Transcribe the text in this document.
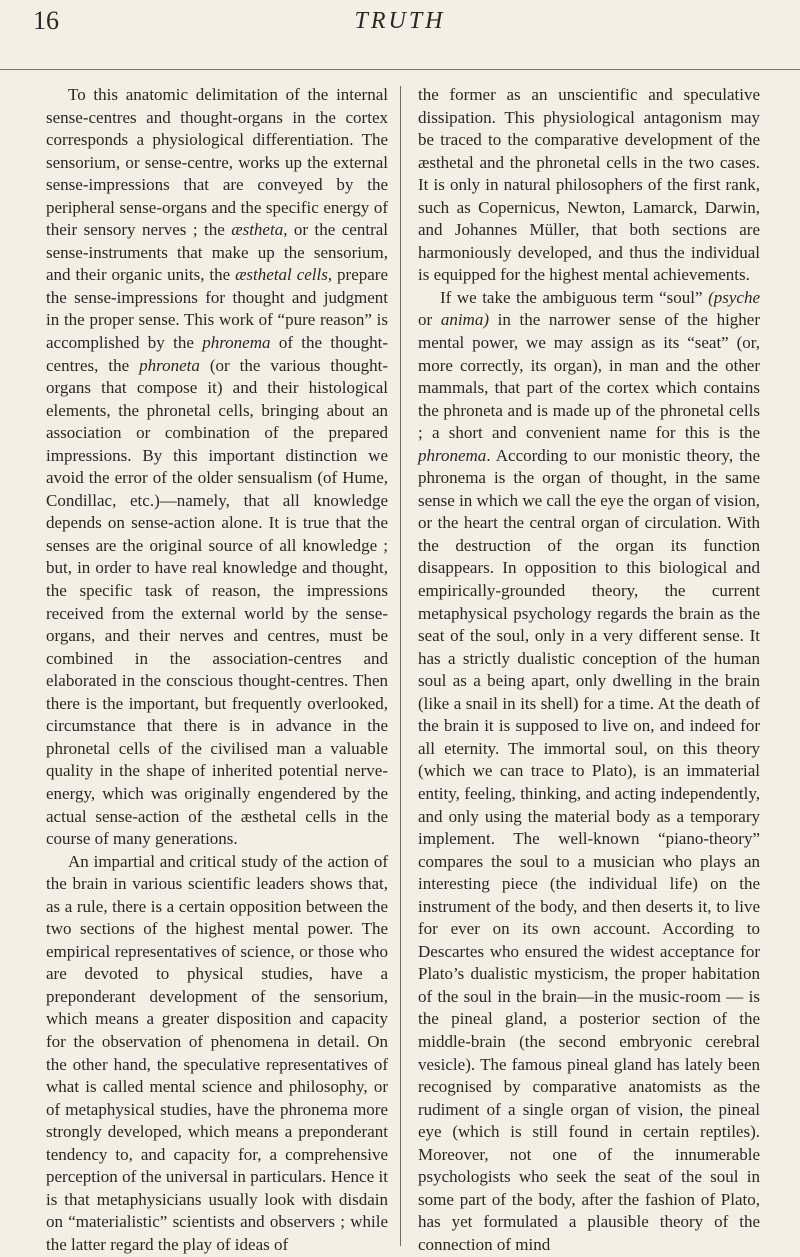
16	TRUTH

To this anatomic delimitation of the internal sense-centres and thought-organs in the cortex corresponds a physiological differentiation. The sensorium, or sense-centre, works up the external sense-impressions that are conveyed by the peripheral sense-organs and the specific energy of their sensory nerves ; the æstheta, or the central sense-instruments that make up the sensorium, and their organic units, the æsthetal cells, prepare the sense-impressions for thought and judgment in the proper sense. This work of “pure reason” is accomplished by the phronema of the thought-centres, the phroneta (or the various thought-organs that compose it) and their histological elements, the phronetal cells, bringing about an association or combination of the prepared impressions. By this important distinction we avoid the error of the older sensualism (of Hume, Condillac, etc.)—namely, that all knowledge depends on sense-action alone. It is true that the senses are the original source of all knowledge ; but, in order to have real knowledge and thought, the specific task of reason, the impressions received from the external world by the sense-organs, and their nerves and centres, must be combined in the association-centres and elaborated in the conscious thought-centres. Then there is the important, but frequently overlooked, circumstance that there is in advance in the phronetal cells of the civilised man a valuable quality in the shape of inherited potential nerve-energy, which was originally engendered by the actual sense-action of the æsthetal cells in the course of many generations.

An impartial and critical study of the action of the brain in various scientific leaders shows that, as a rule, there is a certain opposition between the two sections of the highest mental power. The empirical representatives of science, or those who are devoted to physical studies, have a preponderant development of the sensorium, which means a greater disposition and capacity for the observation of phenomena in detail. On the other hand, the speculative representatives of what is called mental science and philosophy, or of metaphysical studies, have the phronema more strongly developed, which means a preponderant tendency to, and capacity for, a comprehensive perception of the universal in particulars. Hence it is that metaphysicians usually look with disdain on “materialistic” scientists and observers ; while the latter regard the play of ideas of

the former as an unscientific and speculative dissipation. This physiological antagonism may be traced to the comparative development of the æsthetal and the phronetal cells in the two cases. It is only in natural philosophers of the first rank, such as Copernicus, Newton, Lamarck, Darwin, and Johannes Müller, that both sections are harmoniously developed, and thus the individual is equipped for the highest mental achievements.

If we take the ambiguous term “soul” (psyche or anima) in the narrower sense of the higher mental power, we may assign as its “seat” (or, more correctly, its organ), in man and the other mammals, that part of the cortex which contains the phroneta and is made up of the phronetal cells ; a short and convenient name for this is the phronema. According to our monistic theory, the phronema is the organ of thought, in the same sense in which we call the eye the organ of vision, or the heart the central organ of circulation. With the destruction of the organ its function disappears. In opposition to this biological and empirically-grounded theory, the current metaphysical psychology regards the brain as the seat of the soul, only in a very different sense. It has a strictly dualistic conception of the human soul as a being apart, only dwelling in the brain (like a snail in its shell) for a time. At the death of the brain it is supposed to live on, and indeed for all eternity. The immortal soul, on this theory (which we can trace to Plato), is an immaterial entity, feeling, thinking, and acting independently, and only using the material body as a temporary implement. The well-known “piano-theory” compares the soul to a musician who plays an interesting piece (the individual life) on the instrument of the body, and then deserts it, to live for ever on its own account. According to Descartes who ensured the widest acceptance for Plato’s dualistic mysticism, the proper habitation of the soul in the brain—in the music-room — is the pineal gland, a posterior section of the middle-brain (the second embryonic cerebral vesicle). The famous pineal gland has lately been recognised by comparative anatomists as the rudiment of a single organ of vision, the pineal eye (which is still found in certain reptiles). Moreover, not one of the innumerable psychologists who seek the seat of the soul in some part of the body, after the fashion of Plato, has yet formulated a plausible theory of the connection of mind
